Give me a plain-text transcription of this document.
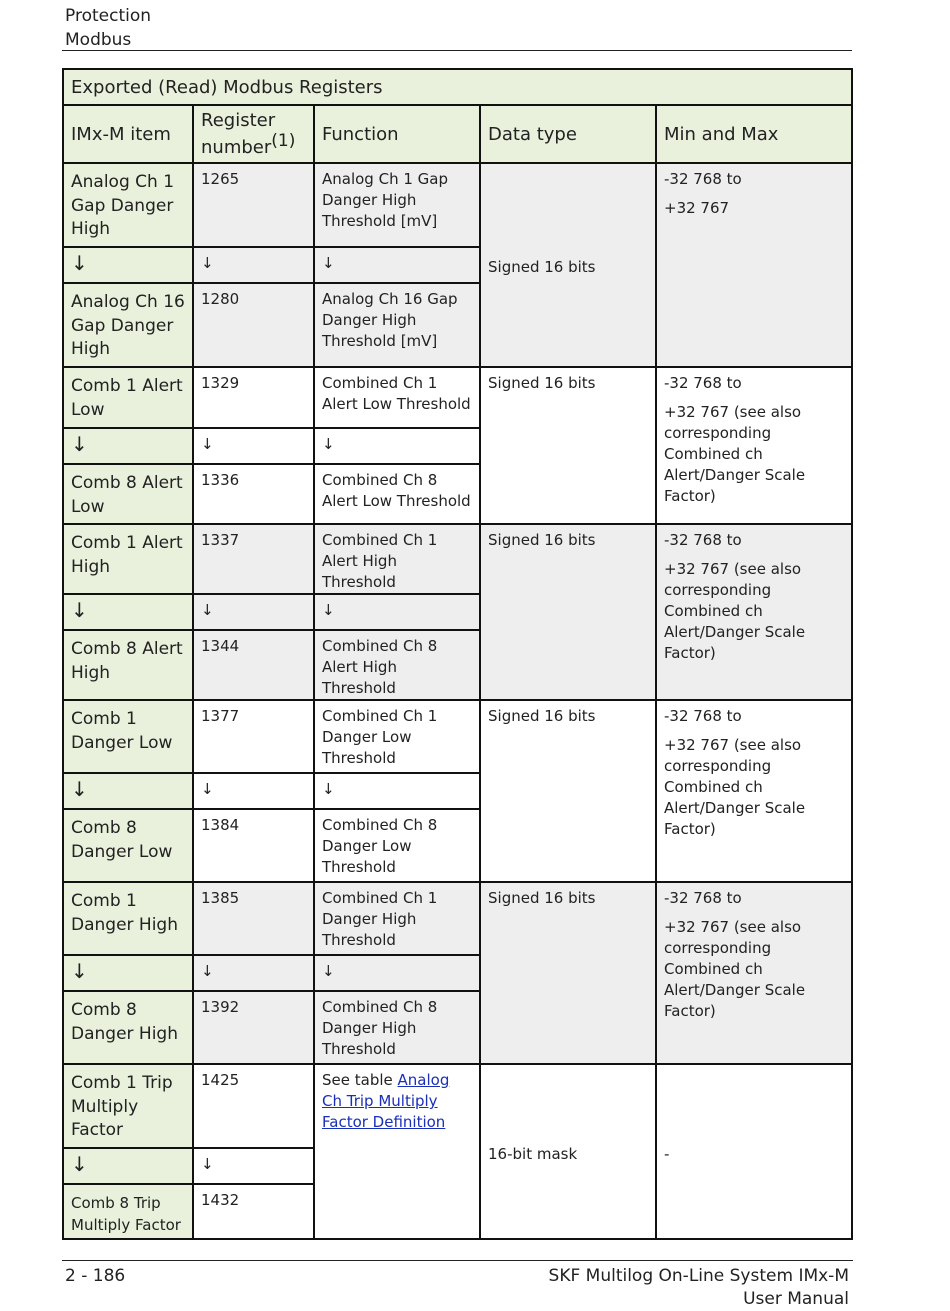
Protection
Modbus
Exported (Read) Modbus Registers				
IMx-M item	Register number$^{(1)}$	Function	Data type	Min and Max
Analog Ch 1 Gap Danger High	1265	Analog Ch 1 Gap Danger High Threshold [mV]	Signed 16 bits	-32 768 to
+32 767

↓	↓	↓		
Analog Ch 16 Gap Danger High	1280	Analog Ch 16 Gap Danger High Threshold [mV]		
Comb 1 Alert Low	1329	Combined Ch 1 Alert Low Threshold	Signed 16 bits	-32 768 to
+32 767 (see also corresponding Combined ch Alert/Danger Scale Factor)

↓	↓	↓		
Comb 8 Alert Low	1336	Combined Ch 8 Alert Low Threshold		
Comb 1 Alert High	1337	Combined Ch 1 Alert High Threshold	Signed 16 bits	-32 768 to
+32 767 (see also corresponding Combined ch Alert/Danger Scale Factor)

↓	↓	↓		
Comb 8 Alert High	1344	Combined Ch 8 Alert High Threshold		
Comb 1 Danger Low	1377	Combined Ch 1 Danger Low Threshold	Signed 16 bits	-32 768 to
+32 767 (see also corresponding Combined ch Alert/Danger Scale Factor)

↓	↓	↓		
Comb 8 Danger Low	1384	Combined Ch 8 Danger Low Threshold		
Comb 1 Danger High	1385	Combined Ch 1 Danger High Threshold	Signed 16 bits	-32 768 to
+32 767 (see also corresponding Combined ch Alert/Danger Scale Factor)

↓	↓	↓		
Comb 8 Danger High	1392	Combined Ch 8 Danger High Threshold		
Comb 1 Trip Multiply Factor	1425	See table Analog Ch Trip Multiply Factor Definition	16-bit mask	-
↓	↓			
Comb 8 Trip Multiply Factor	1432			
2 - 186	SKF Multilog On-Line System IMx-M
User Manual
